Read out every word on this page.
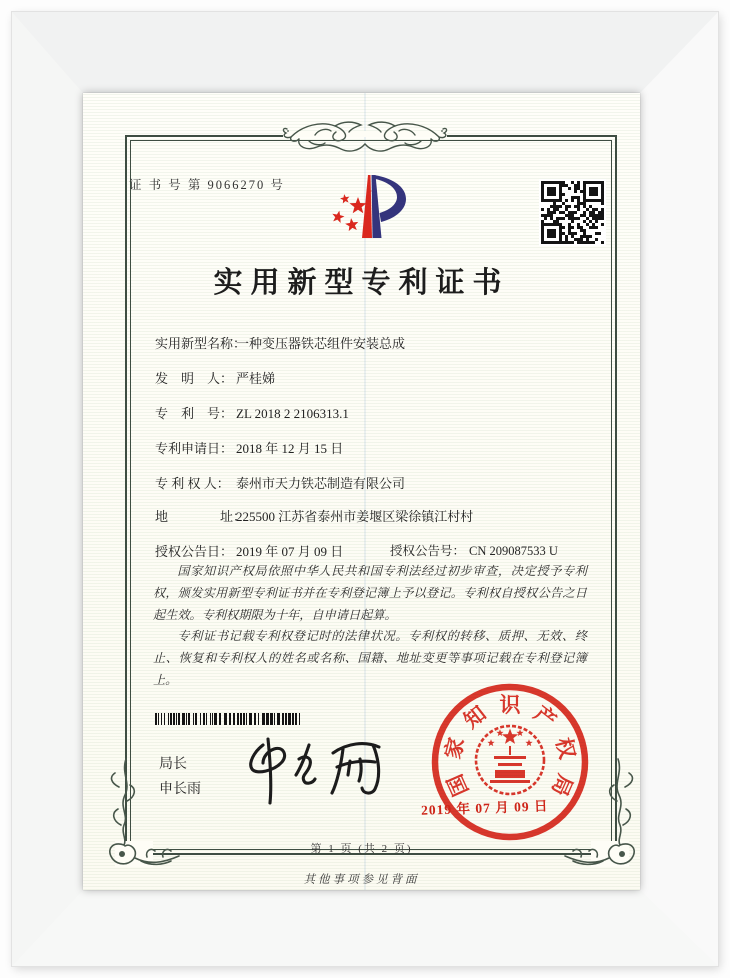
证 书 号 第 9066270 号
实用新型专利证书
实用新型名称：一种变压器铁芯组件安装总成
发　明　人： 严桂娣
专　利　号： ZL 2018 2 2106313.1
专利申请日： 2018 年 12 月 15 日
专 利 权 人： 泰州市天力铁芯制造有限公司
地　　　　址：225500 江苏省泰州市姜堰区梁徐镇江村村
授权公告日： 2019 年 07 月 09 日	授权公告号： CN 209087533 U

国家知识产权局依照中华人民共和国专利法经过初步审查，决定授予专利权，颁发实用新型专利证书并在专利登记簿上予以登记。专利权自授权公告之日起生效。专利权期限为十年，自申请日起算。

专利证书记载专利权登记时的法律状况。专利权的转移、质押、无效、终止、恢复和专利权人的姓名或名称、国籍、地址变更等事项记载在专利登记簿上。

局长
申长雨	国
家
知 识 产
权
局
2019 年 07 月 09 日
第 1 页 (共 2 页)
其他事项参见背面
